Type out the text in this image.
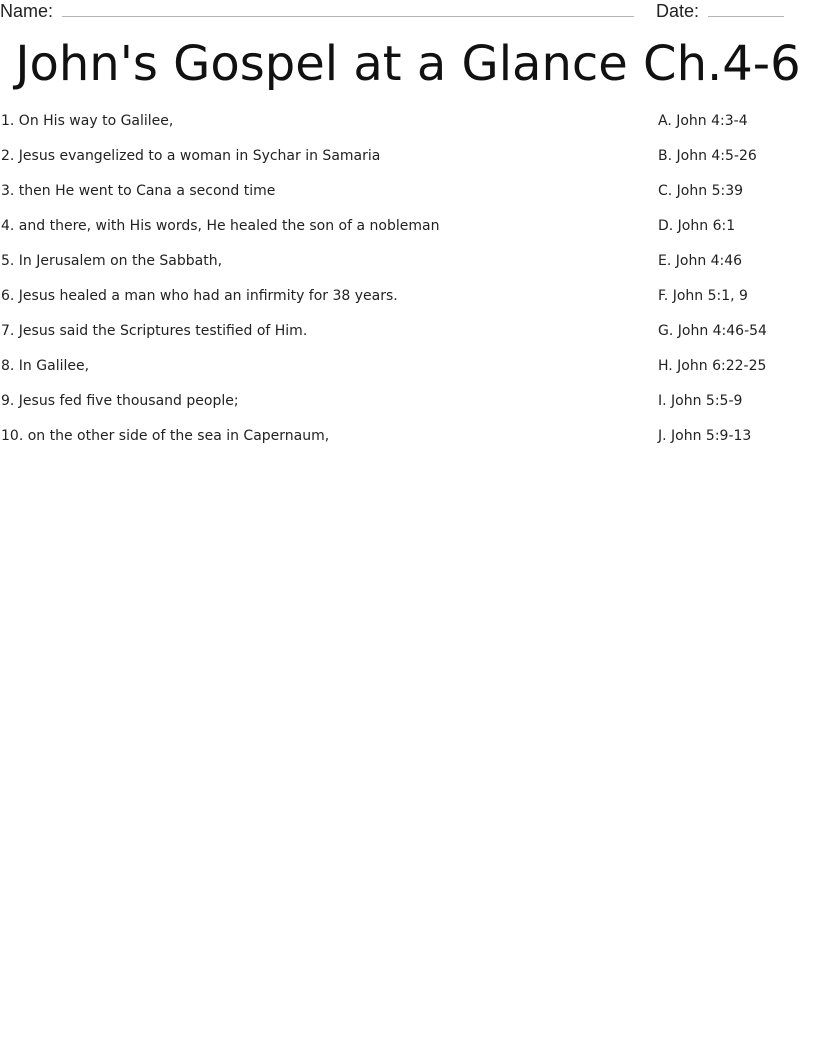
Name:	Date:
John's Gospel at a Glance Ch.4-6
1. On His way to Galilee,	A. John 4:3-4
2. Jesus evangelized to a woman in Sychar in Samaria	B. John 4:5-26
3. then He went to Cana a second time	C. John 5:39
4. and there, with His words, He healed the son of a nobleman	D. John 6:1
5. In Jerusalem on the Sabbath,	E. John 4:46
6. Jesus healed a man who had an infirmity for 38 years.	F. John 5:1, 9
7. Jesus said the Scriptures testified of Him.	G. John 4:46-54
8. In Galilee,	H. John 6:22-25
9. Jesus fed five thousand people;	I. John 5:5-9
10. on the other side of the sea in Capernaum,	J. John 5:9-13
